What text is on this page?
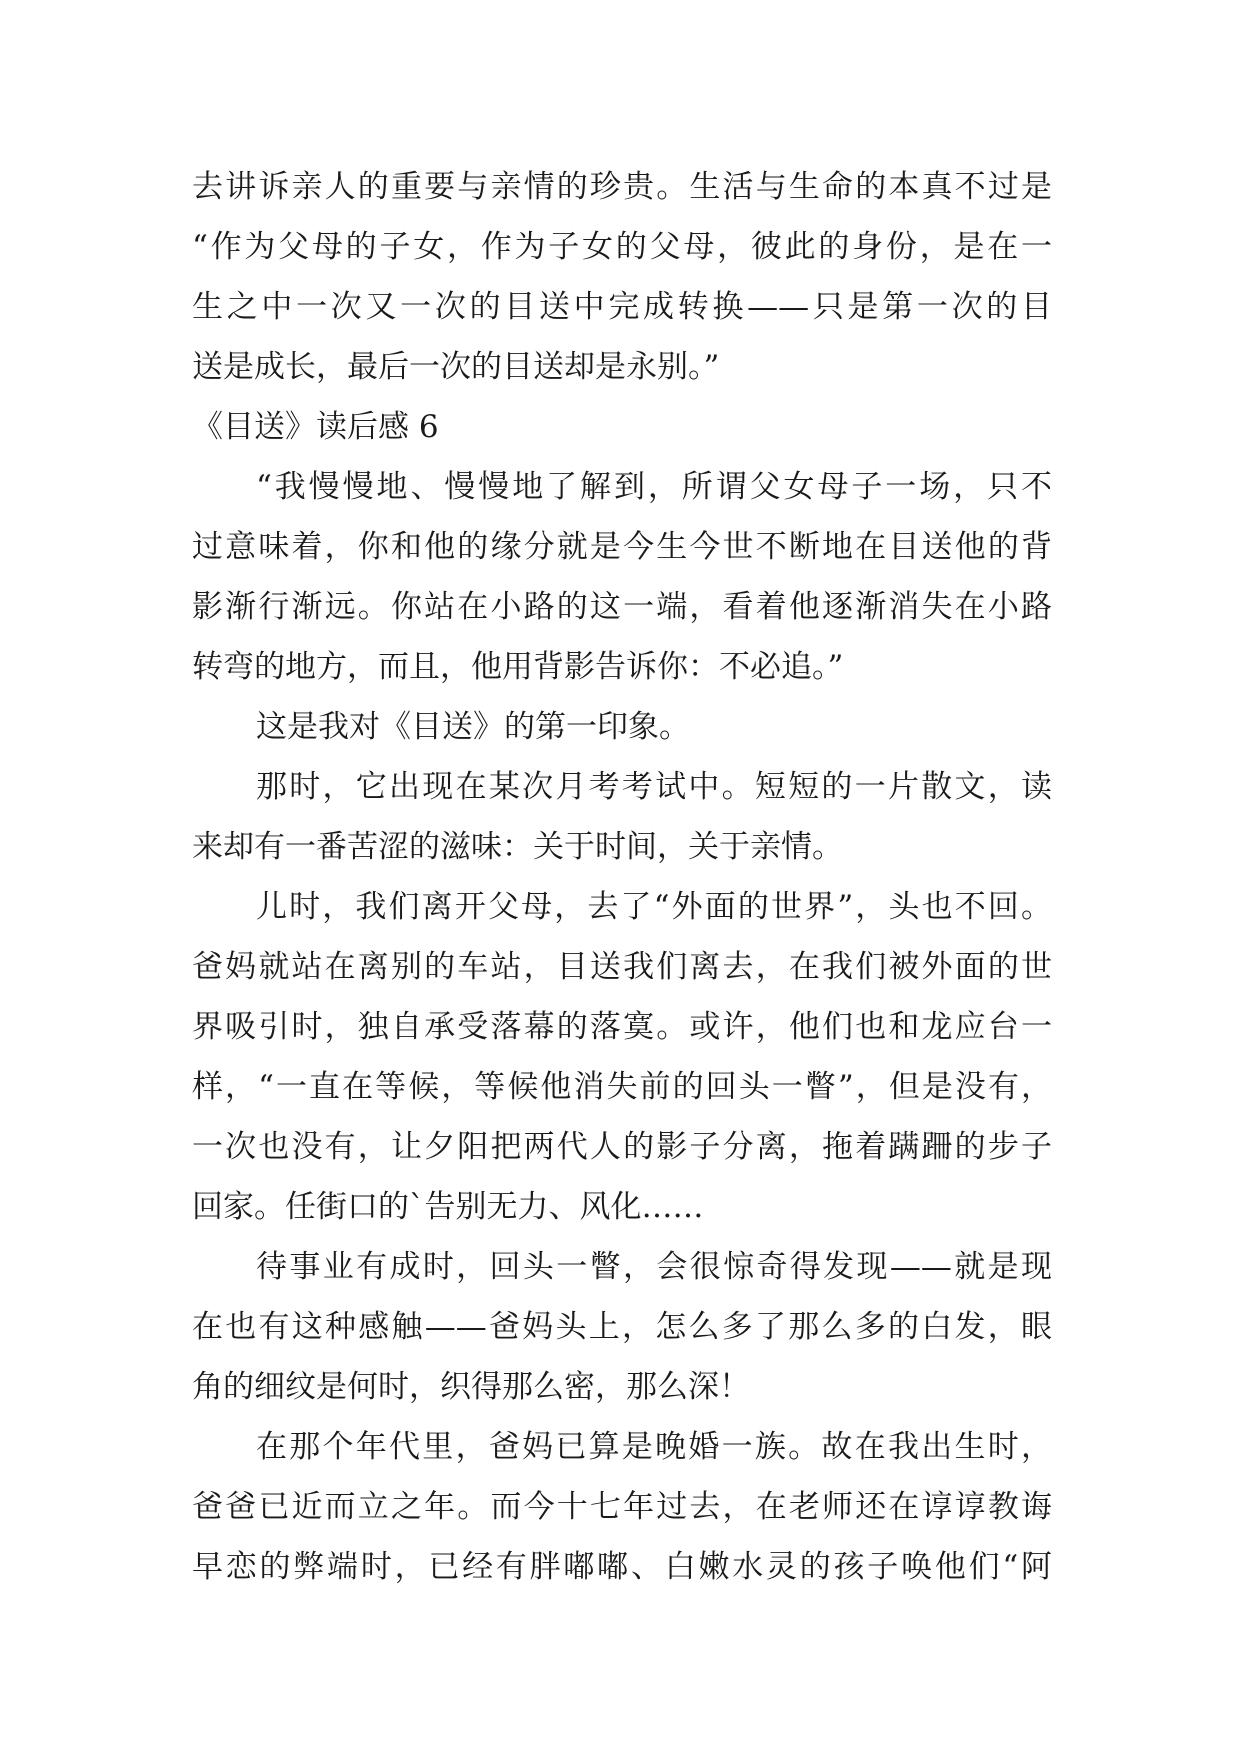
去讲诉亲人的重要与亲情的珍贵。生活与生命的本真不过是
“作为父母的子女，作为子女的父母，彼此的身份，是在一
生之中一次又一次的目送中完成转换——只是第一次的目
送是成长，最后一次的目送却是永别。”
《目送》读后感 6
“我慢慢地、慢慢地了解到，所谓父女母子一场，只不
过意味着，你和他的缘分就是今生今世不断地在目送他的背
影渐行渐远。你站在小路的这一端，看着他逐渐消失在小路
转弯的地方，而且，他用背影告诉你：不必追。”
这是我对《目送》的第一印象。
那时，它出现在某次月考考试中。短短的一片散文，读
来却有一番苦涩的滋味：关于时间，关于亲情。
儿时，我们离开父母，去了“外面的世界”，头也不回。
爸妈就站在离别的车站，目送我们离去，在我们被外面的世
界吸引时，独自承受落幕的落寞。或许，他们也和龙应台一
样，“一直在等候，等候他消失前的回头一瞥”，但是没有，
一次也没有，让夕阳把两代人的影子分离，拖着蹒跚的步子
回家。任街口的`告别无力、风化……
待事业有成时，回头一瞥，会很惊奇得发现——就是现
在也有这种感触——爸妈头上，怎么多了那么多的白发，眼
角的细纹是何时，织得那么密，那么深！
在那个年代里，爸妈已算是晚婚一族。故在我出生时，
爸爸已近而立之年。而今十七年过去，在老师还在谆谆教诲
早恋的弊端时，已经有胖嘟嘟、白嫩水灵的孩子唤他们“阿
